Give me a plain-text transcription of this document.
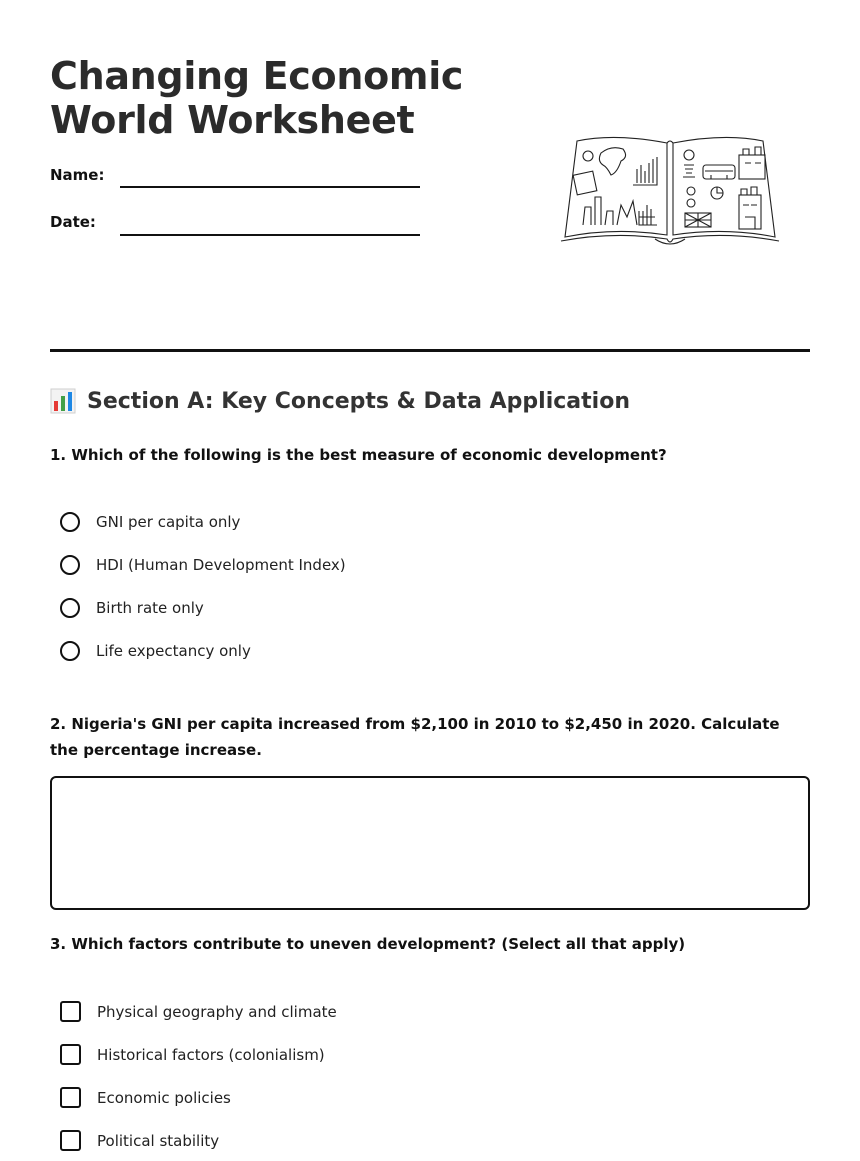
Changing Economic World Worksheet
Name:
Date:
Section A: Key Concepts & Data Application
1. Which of the following is the best measure of economic development?
GNI per capita only
HDI (Human Development Index)
Birth rate only
Life expectancy only
2. Nigeria's GNI per capita increased from $2,100 in 2010 to $2,450 in 2020. Calculate the percentage increase.
3. Which factors contribute to uneven development? (Select all that apply)
Physical geography and climate
Historical factors (colonialism)
Economic policies
Political stability
